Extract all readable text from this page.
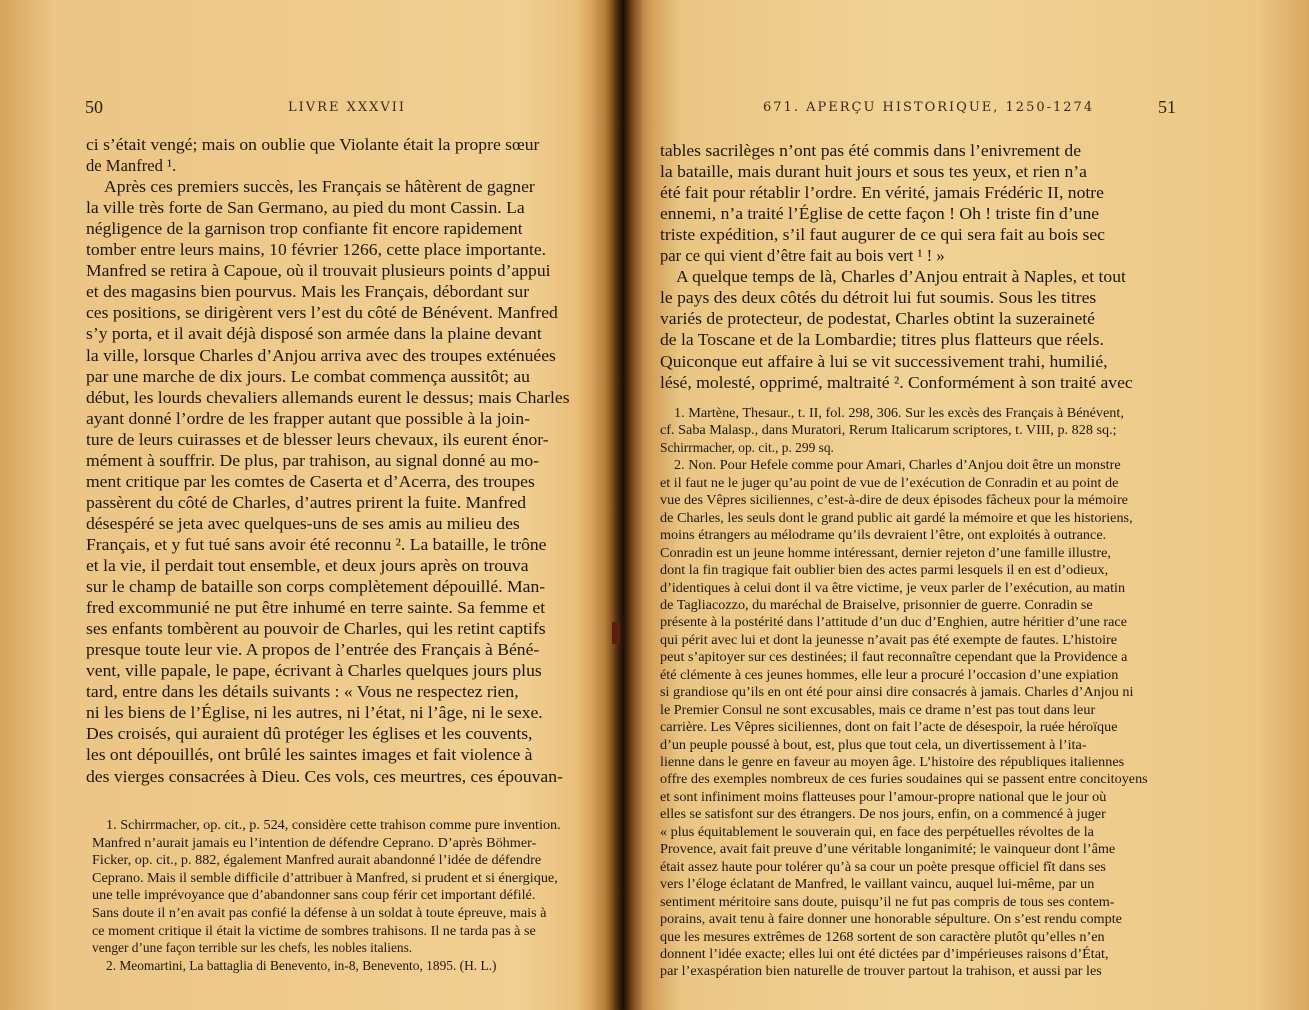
50	LIVRE XXXVII
ci s’était vengé; mais on oublie que Violante était la propre sœur
de Manfred ¹.
Après ces premiers succès, les Français se hâtèrent de gagner
la ville très forte de San Germano, au pied du mont Cassin. La
négligence de la garnison trop confiante fit encore rapidement
tomber entre leurs mains, 10 février 1266, cette place importante.
Manfred se retira à Capoue, où il trouvait plusieurs points d’appui
et des magasins bien pourvus. Mais les Français, débordant sur
ces positions, se dirigèrent vers l’est du côté de Bénévent. Manfred
s’y porta, et il avait déjà disposé son armée dans la plaine devant
la ville, lorsque Charles d’Anjou arriva avec des troupes exténuées
par une marche de dix jours. Le combat commença aussitôt; au
début, les lourds chevaliers allemands eurent le dessus; mais Charles
ayant donné l’ordre de les frapper autant que possible à la join-
ture de leurs cuirasses et de blesser leurs chevaux, ils eurent énor-
mément à souffrir. De plus, par trahison, au signal donné au mo-
ment critique par les comtes de Caserta et d’Acerra, des troupes
passèrent du côté de Charles, d’autres prirent la fuite. Manfred
désespéré se jeta avec quelques-uns de ses amis au milieu des
Français, et y fut tué sans avoir été reconnu ². La bataille, le trône
et la vie, il perdait tout ensemble, et deux jours après on trouva
sur le champ de bataille son corps complètement dépouillé. Man-
fred excommunié ne put être inhumé en terre sainte. Sa femme et
ses enfants tombèrent au pouvoir de Charles, qui les retint captifs
presque toute leur vie. A propos de l’entrée des Français à Béné-
vent, ville papale, le pape, écrivant à Charles quelques jours plus
tard, entre dans les détails suivants : « Vous ne respectez rien,
ni les biens de l’Église, ni les autres, ni l’état, ni l’âge, ni le sexe.
Des croisés, qui auraient dû protéger les églises et les couvents,
les ont dépouillés, ont brûlé les saintes images et fait violence à
des vierges consacrées à Dieu. Ces vols, ces meurtres, ces épouvan-
1. Schirrmacher, op. cit., p. 524, considère cette trahison comme pure invention.
Manfred n’aurait jamais eu l’intention de défendre Ceprano. D’après Böhmer-
Ficker, op. cit., p. 882, également Manfred aurait abandonné l’idée de défendre
Ceprano. Mais il semble difficile d’attribuer à Manfred, si prudent et si énergique,
une telle imprévoyance que d’abandonner sans coup férir cet important défilé.
Sans doute il n’en avait pas confié la défense à un soldat à toute épreuve, mais à
ce moment critique il était la victime de sombres trahisons. Il ne tarda pas à se
venger d’une façon terrible sur les chefs, les nobles italiens.
2. Meomartini, La battaglia di Benevento, in-8, Benevento, 1895. (H. L.)
671. APERÇU HISTORIQUE, 1250-1274	51
tables sacrilèges n’ont pas été commis dans l’enivrement de
la bataille, mais durant huit jours et sous tes yeux, et rien n’a
été fait pour rétablir l’ordre. En vérité, jamais Frédéric II, notre
ennemi, n’a traité l’Église de cette façon ! Oh ! triste fin d’une
triste expédition, s’il faut augurer de ce qui sera fait au bois sec
par ce qui vient d’être fait au bois vert ¹ ! »
A quelque temps de là, Charles d’Anjou entrait à Naples, et tout
le pays des deux côtés du détroit lui fut soumis. Sous les titres
variés de protecteur, de podestat, Charles obtint la suzeraineté
de la Toscane et de la Lombardie; titres plus flatteurs que réels.
Quiconque eut affaire à lui se vit successivement trahi, humilié,
lésé, molesté, opprimé, maltraité ². Conformément à son traité avec
1. Martène, Thesaur., t. II, fol. 298, 306. Sur les excès des Français à Bénévent,
cf. Saba Malasp., dans Muratori, Rerum Italicarum scriptores, t. VIII, p. 828 sq.;
Schirrmacher, op. cit., p. 299 sq.
2. Non. Pour Hefele comme pour Amari, Charles d’Anjou doit être un monstre
et il faut ne le juger qu’au point de vue de l’exécution de Conradin et au point de
vue des Vêpres siciliennes, c’est-à-dire de deux épisodes fâcheux pour la mémoire
de Charles, les seuls dont le grand public ait gardé la mémoire et que les historiens,
moins étrangers au mélodrame qu’ils devraient l’être, ont exploités à outrance.
Conradin est un jeune homme intéressant, dernier rejeton d’une famille illustre,
dont la fin tragique fait oublier bien des actes parmi lesquels il en est d’odieux,
d’identiques à celui dont il va être victime, je veux parler de l’exécution, au matin
de Tagliacozzo, du maréchal de Braiselve, prisonnier de guerre. Conradin se
présente à la postérité dans l’attitude d’un duc d’Enghien, autre héritier d’une race
qui périt avec lui et dont la jeunesse n’avait pas été exempte de fautes. L’histoire
peut s’apitoyer sur ces destinées; il faut reconnaître cependant que la Providence a
été clémente à ces jeunes hommes, elle leur a procuré l’occasion d’une expiation
si grandiose qu’ils en ont été pour ainsi dire consacrés à jamais. Charles d’Anjou ni
le Premier Consul ne sont excusables, mais ce drame n’est pas tout dans leur
carrière. Les Vêpres siciliennes, dont on fait l’acte de désespoir, la ruée héroïque
d’un peuple poussé à bout, est, plus que tout cela, un divertissement à l’ita-
lienne dans le genre en faveur au moyen âge. L’histoire des républiques italiennes
offre des exemples nombreux de ces furies soudaines qui se passent entre concitoyens
et sont infiniment moins flatteuses pour l’amour-propre national que le jour où
elles se satisfont sur des étrangers. De nos jours, enfin, on a commencé à juger
« plus équitablement le souverain qui, en face des perpétuelles révoltes de la
Provence, avait fait preuve d’une véritable longanimité; le vainqueur dont l’âme
était assez haute pour tolérer qu’à sa cour un poète presque officiel fît dans ses
vers l’éloge éclatant de Manfred, le vaillant vaincu, auquel lui-même, par un
sentiment méritoire sans doute, puisqu’il ne fut pas compris de tous ses contem-
porains, avait tenu à faire donner une honorable sépulture. On s’est rendu compte
que les mesures extrêmes de 1268 sortent de son caractère plutôt qu’elles n’en
donnent l’idée exacte; elles lui ont été dictées par d’impérieuses raisons d’État,
par l’exaspération bien naturelle de trouver partout la trahison, et aussi par les
